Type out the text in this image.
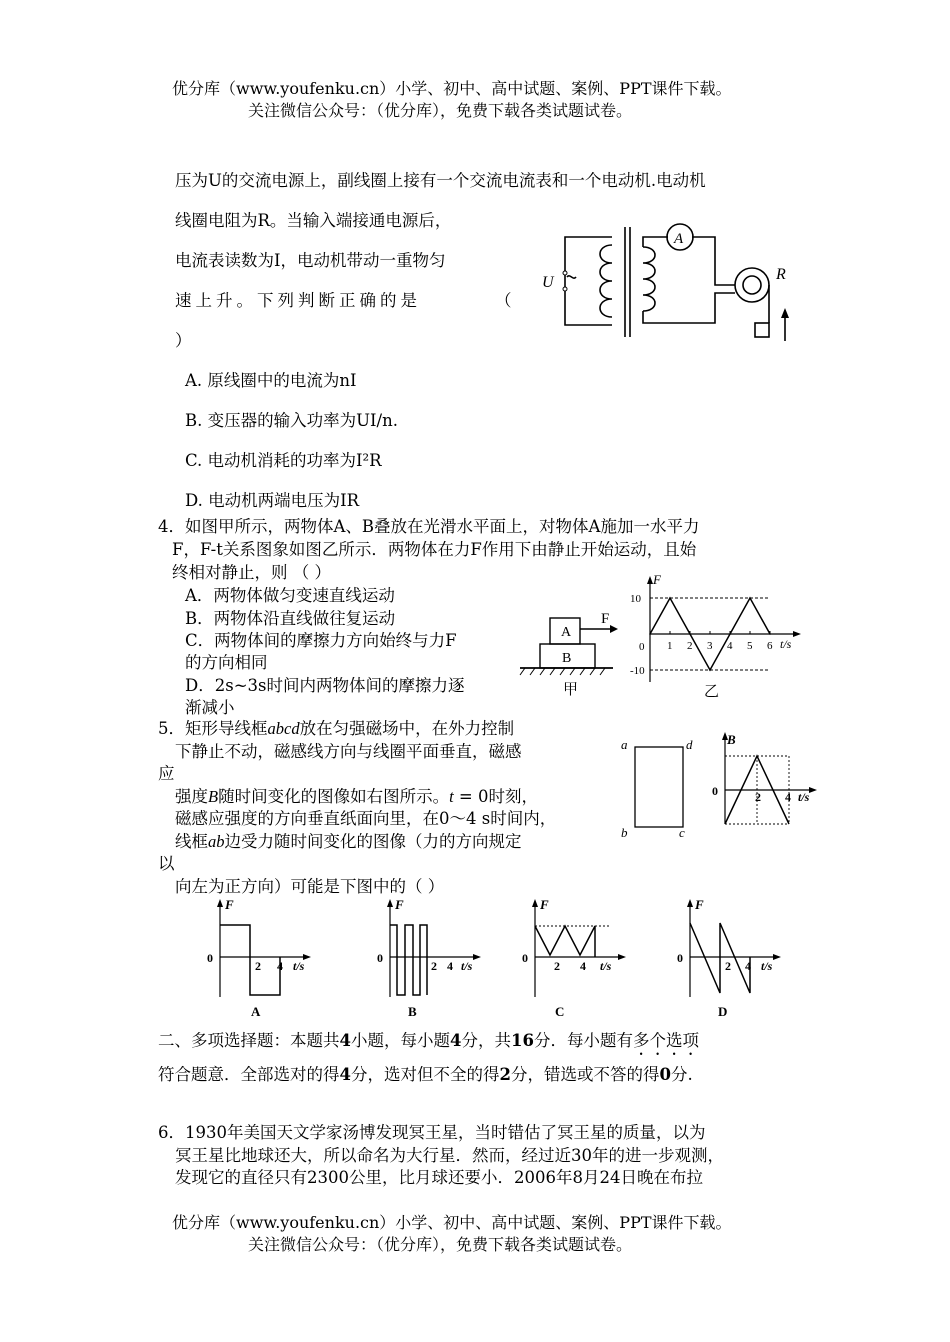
优分库（www.youfenku.cn）小学、初中、高中试题、案例、PPT课件下载。
关注微信公众号：（优分库），免费下载各类试题试卷。
压为U的交流电源上，副线圈上接有一个交流电流表和一个电动机.电动机
线圈电阻为R。当输入端接通电源后，
电流表读数为I，电动机带动一重物匀
速上升。下列判断正确的是	（
）
A. 原线圈中的电流为nI
B. 变压器的输入功率为UI/n.
C. 电动机消耗的功率为I²R
D. 电动机两端电压为IR
U
A
R
4．如图甲所示，两物体A、B叠放在光滑水平面上，对物体A施加一水平力
F，F-t关系图象如图乙所示．两物体在力F作用下由静止开始运动，且始
终相对静止，则 （ ）
A．两物体做匀变速直线运动
B．两物体沿直线做往复运动
C．两物体间的摩擦力方向始终与力F
的方向相同
D．2s~3s时间内两物体间的摩擦力逐
渐减小
A
B
F
甲
10
-10
1 2 3 4 5 6
F
t/s
0
乙
5．矩形导线框abcd放在匀强磁场中，在外力控制
下静止不动，磁感线方向与线圈平面垂直，磁感
应
强度B随时间变化的图像如右图所示。t = 0时刻，
磁感应强度的方向垂直纸面向里，在0～4 s时间内，
线框ab边受力随时间变化的图像（力的方向规定
以
向左为正方向）可能是下图中的（ ）
a	d
b	c
B
0	2 4 t/s
F
0
2 4 t/s
A
F
0
2 4 t/s
B
F
0
2 4 t/s
C
F
0
2 4 t/s
D
二、多项选择题：本题共4小题，每小题4分，共16分．每小题有多个选项
符合题意．全部选对的得4分，选对但不全的得2分，错选或不答的得0分.
6．1930年美国天文学家汤博发现冥王星，当时错估了冥王星的质量，以为
冥王星比地球还大，所以命名为大行星．然而，经过近30年的进一步观测，
发现它的直径只有2300公里，比月球还要小．2006年8月24日晚在布拉
优分库（www.youfenku.cn）小学、初中、高中试题、案例、PPT课件下载。
关注微信公众号：（优分库），免费下载各类试题试卷。
